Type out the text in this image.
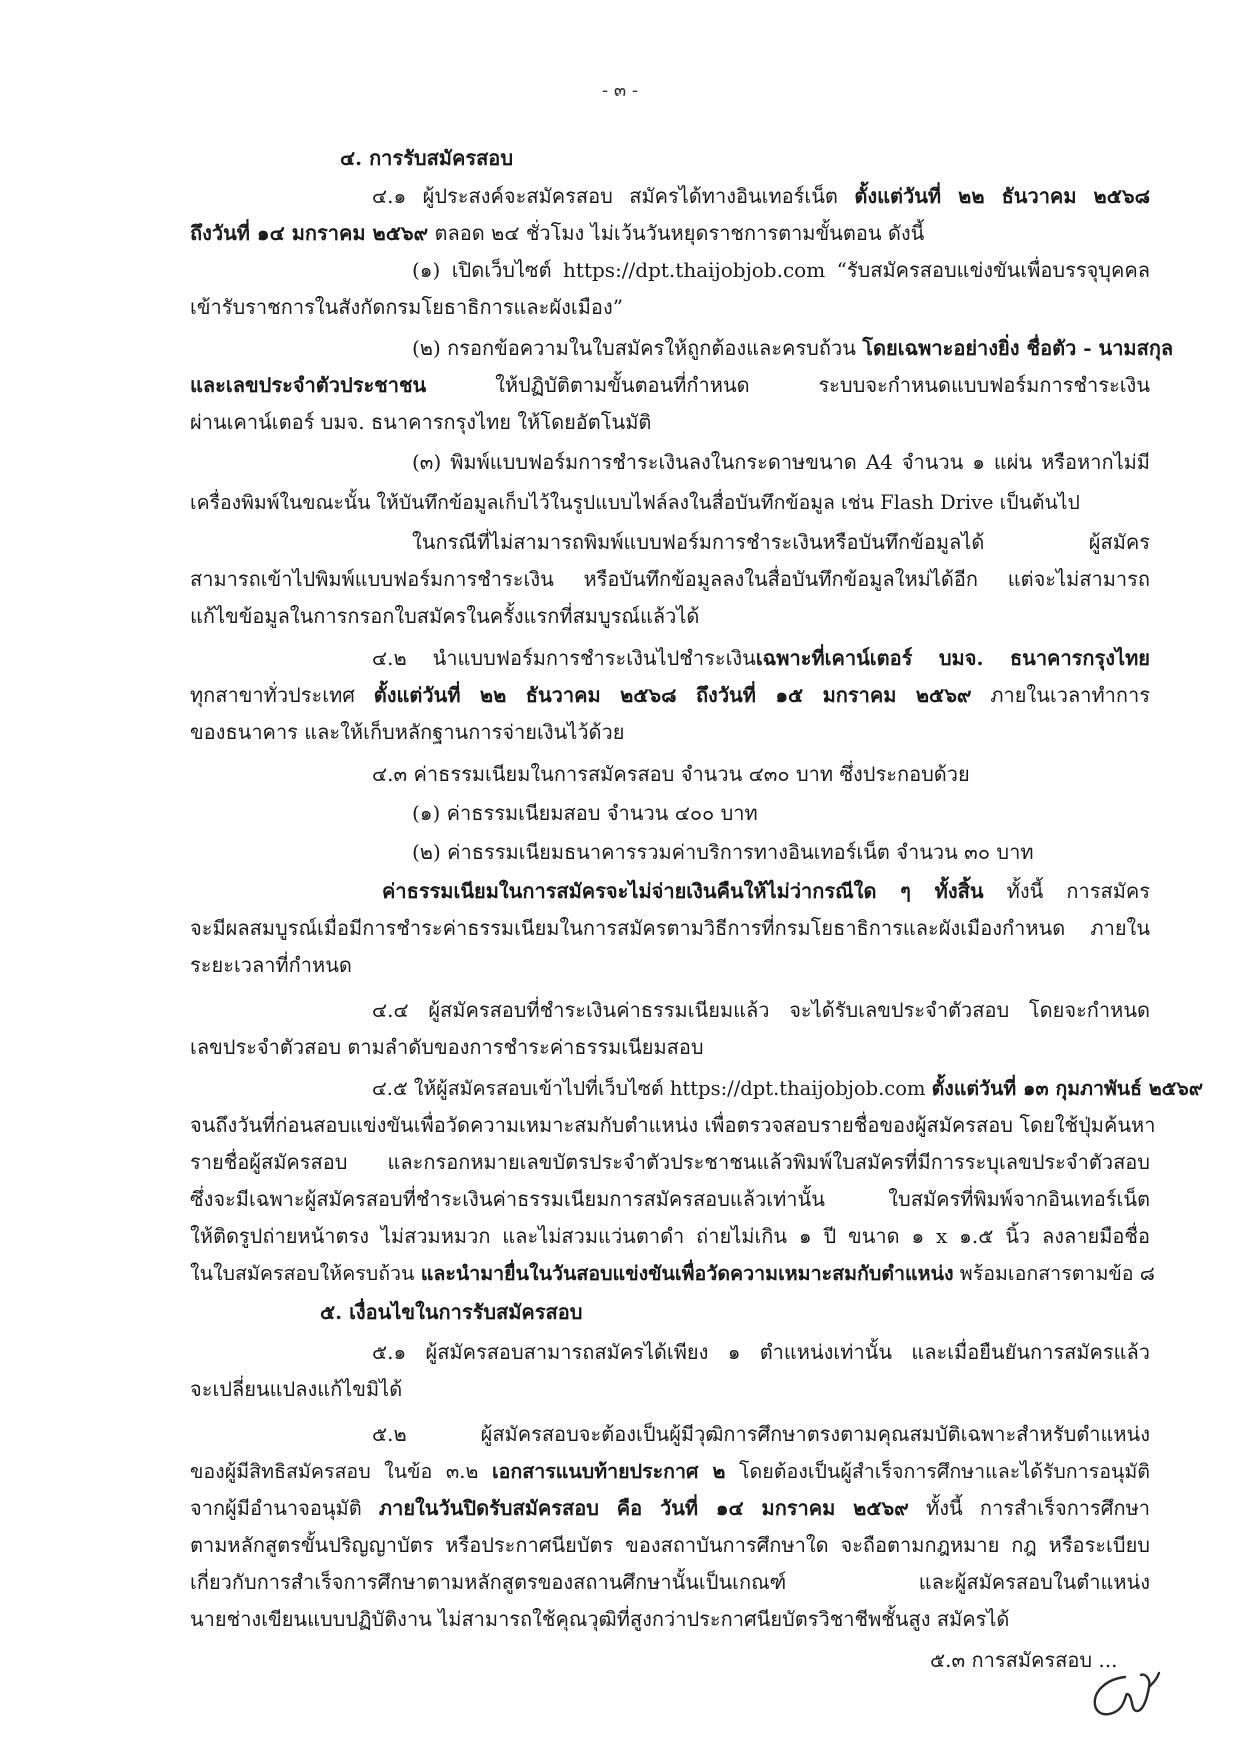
- ๓ -
๔. การรับสมัครสอบ
๔.๑ ผู้ประสงค์จะสมัครสอบ สมัครได้ทางอินเทอร์เน็ต ตั้งแต่วันที่ ๒๒ ธันวาคม ๒๕๖๘
ถึงวันที่ ๑๔ มกราคม ๒๕๖๙ ตลอด ๒๔ ชั่วโมง ไม่เว้นวันหยุดราชการตามขั้นตอน ดังนี้
(๑) เปิดเว็บไซต์ https://dpt.thaijobjob.com “รับสมัครสอบแข่งขันเพื่อบรรจุบุคคล
เข้ารับราชการในสังกัดกรมโยธาธิการและผังเมือง”
(๒) กรอกข้อความในใบสมัครให้ถูกต้องและครบถ้วน โดยเฉพาะอย่างยิ่ง ชื่อตัว - นามสกุล
และเลขประจำตัวประชาชน ให้ปฏิบัติตามขั้นตอนที่กำหนด ระบบจะกำหนดแบบฟอร์มการชำระเงิน
ผ่านเคาน์เตอร์ บมจ. ธนาคารกรุงไทย ให้โดยอัตโนมัติ
(๓) พิมพ์แบบฟอร์มการชำระเงินลงในกระดาษขนาด A4 จำนวน ๑ แผ่น หรือหากไม่มี
เครื่องพิมพ์ในขณะนั้น ให้บันทึกข้อมูลเก็บไว้ในรูปแบบไฟล์ลงในสื่อบันทึกข้อมูล เช่น Flash Drive เป็นต้นไป
ในกรณีที่ไม่สามารถพิมพ์แบบฟอร์มการชำระเงินหรือบันทึกข้อมูลได้ ผู้สมัคร
สามารถเข้าไปพิมพ์แบบฟอร์มการชำระเงิน หรือบันทึกข้อมูลลงในสื่อบันทึกข้อมูลใหม่ได้อีก แต่จะไม่สามารถ
แก้ไขข้อมูลในการกรอกใบสมัครในครั้งแรกที่สมบูรณ์แล้วได้
๔.๒ นำแบบฟอร์มการชำระเงินไปชำระเงินเฉพาะที่เคาน์เตอร์ บมจ. ธนาคารกรุงไทย
ทุกสาขาทั่วประเทศ ตั้งแต่วันที่ ๒๒ ธันวาคม ๒๕๖๘ ถึงวันที่ ๑๕ มกราคม ๒๕๖๙ ภายในเวลาทำการ
ของธนาคาร และให้เก็บหลักฐานการจ่ายเงินไว้ด้วย
๔.๓ ค่าธรรมเนียมในการสมัครสอบ จำนวน ๔๓๐ บาท ซึ่งประกอบด้วย
(๑) ค่าธรรมเนียมสอบ จำนวน ๔๐๐ บาท
(๒) ค่าธรรมเนียมธนาคารรวมค่าบริการทางอินเทอร์เน็ต จำนวน ๓๐ บาท
ค่าธรรมเนียมในการสมัครจะไม่จ่ายเงินคืนให้ไม่ว่ากรณีใด ๆ ทั้งสิ้น ทั้งนี้ การสมัคร
จะมีผลสมบูรณ์เมื่อมีการชำระค่าธรรมเนียมในการสมัครตามวิธีการที่กรมโยธาธิการและผังเมืองกำหนด ภายใน
ระยะเวลาที่กำหนด
๔.๔ ผู้สมัครสอบที่ชำระเงินค่าธรรมเนียมแล้ว จะได้รับเลขประจำตัวสอบ โดยจะกำหนด
เลขประจำตัวสอบ ตามลำดับของการชำระค่าธรรมเนียมสอบ
๔.๕ ให้ผู้สมัครสอบเข้าไปที่เว็บไซต์ https://dpt.thaijobjob.com ตั้งแต่วันที่ ๑๓ กุมภาพันธ์ ๒๕๖๙
จนถึงวันที่ก่อนสอบแข่งขันเพื่อวัดความเหมาะสมกับตำแหน่ง เพื่อตรวจสอบรายชื่อของผู้สมัครสอบ โดยใช้ปุ่มค้นหา
รายชื่อผู้สมัครสอบ และกรอกหมายเลขบัตรประจำตัวประชาชนแล้วพิมพ์ใบสมัครที่มีการระบุเลขประจำตัวสอบ
ซึ่งจะมีเฉพาะผู้สมัครสอบที่ชำระเงินค่าธรรมเนียมการสมัครสอบแล้วเท่านั้น ใบสมัครที่พิมพ์จากอินเทอร์เน็ต
ให้ติดรูปถ่ายหน้าตรง ไม่สวมหมวก และไม่สวมแว่นตาดำ ถ่ายไม่เกิน ๑ ปี ขนาด ๑ x ๑.๕ นิ้ว ลงลายมือชื่อ
ในใบสมัครสอบให้ครบถ้วน และนำมายื่นในวันสอบแข่งขันเพื่อวัดความเหมาะสมกับตำแหน่ง พร้อมเอกสารตามข้อ ๘
๕. เงื่อนไขในการรับสมัครสอบ
๕.๑ ผู้สมัครสอบสามารถสมัครได้เพียง ๑ ตำแหน่งเท่านั้น และเมื่อยืนยันการสมัครแล้ว
จะเปลี่ยนแปลงแก้ไขมิได้
๕.๒ ผู้สมัครสอบจะต้องเป็นผู้มีวุฒิการศึกษาตรงตามคุณสมบัติเฉพาะสำหรับตำแหน่ง
ของผู้มีสิทธิสมัครสอบ ในข้อ ๓.๒ เอกสารแนบท้ายประกาศ ๒ โดยต้องเป็นผู้สำเร็จการศึกษาและได้รับการอนุมัติ
จากผู้มีอำนาจอนุมัติ ภายในวันปิดรับสมัครสอบ คือ วันที่ ๑๔ มกราคม ๒๕๖๙ ทั้งนี้ การสำเร็จการศึกษา
ตามหลักสูตรขั้นปริญญาบัตร หรือประกาศนียบัตร ของสถาบันการศึกษาใด จะถือตามกฎหมาย กฎ หรือระเบียบ
เกี่ยวกับการสำเร็จการศึกษาตามหลักสูตรของสถานศึกษานั้นเป็นเกณฑ์ และผู้สมัครสอบในตำแหน่ง
นายช่างเขียนแบบปฏิบัติงาน ไม่สามารถใช้คุณวุฒิที่สูงกว่าประกาศนียบัตรวิชาชีพชั้นสูง สมัครได้
๕.๓ การสมัครสอบ ...
